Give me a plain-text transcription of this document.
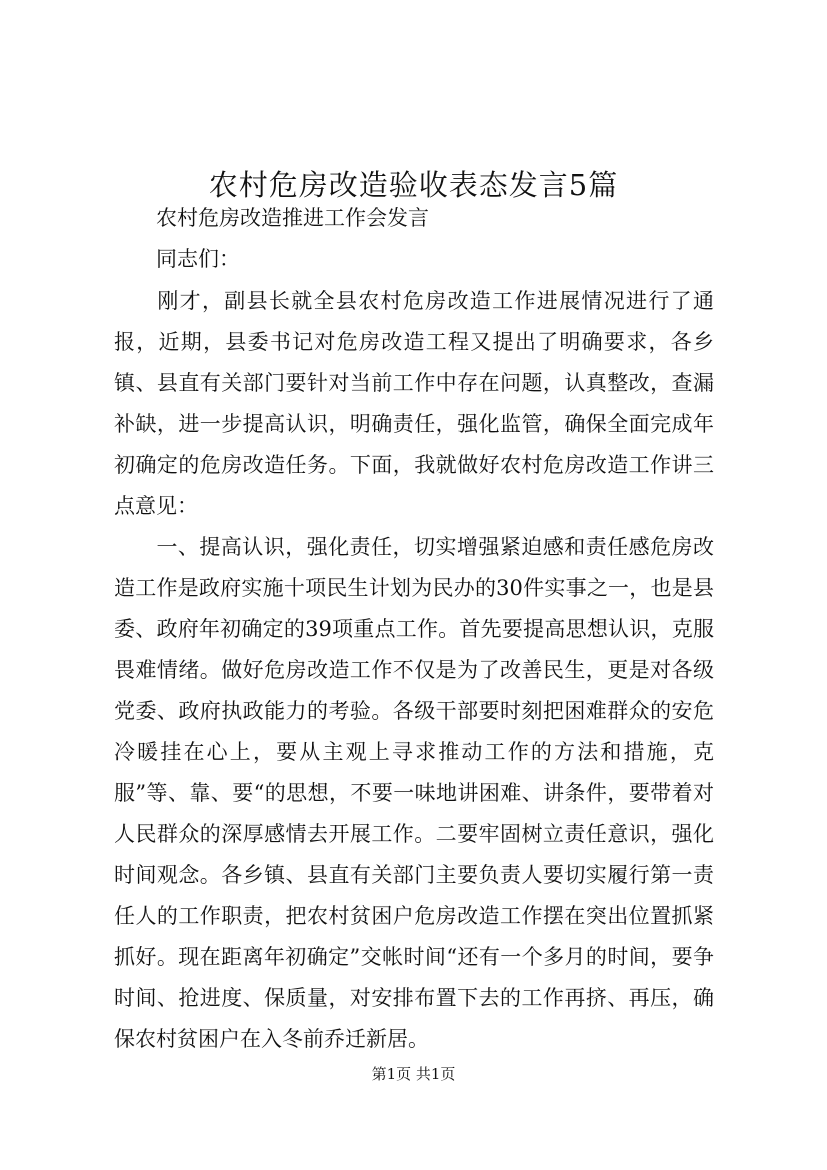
农村危房改造验收表态发言5篇
农村危房改造推进工作会发言
同志们：

刚才，副县长就全县农村危房改造工作进展情况进行了通报，近期，县委书记对危房改造工程又提出了明确要求，各乡镇、县直有关部门要针对当前工作中存在问题，认真整改，查漏补缺，进一步提高认识，明确责任，强化监管，确保全面完成年初确定的危房改造任务。下面，我就做好农村危房改造工作讲三点意见：

一、提高认识，强化责任，切实增强紧迫感和责任感危房改造工作是政府实施十项民生计划为民办的30件实事之一，也是县委、政府年初确定的39项重点工作。首先要提高思想认识，克服畏难情绪。做好危房改造工作不仅是为了改善民生，更是对各级党委、政府执政能力的考验。各级干部要时刻把困难群众的安危冷暖挂在心上，要从主观上寻求推动工作的方法和措施，克服”等、靠、要“的思想，不要一味地讲困难、讲条件，要带着对人民群众的深厚感情去开展工作。二要牢固树立责任意识，强化时间观念。各乡镇、县直有关部门主要负责人要切实履行第一责任人的工作职责，把农村贫困户危房改造工作摆在突出位置抓紧抓好。现在距离年初确定”交帐时间“还有一个多月的时间，要争时间、抢进度、保质量，对安排布置下去的工作再挤、再压，确保农村贫困户在入冬前乔迁新居。

第1页 共1页
